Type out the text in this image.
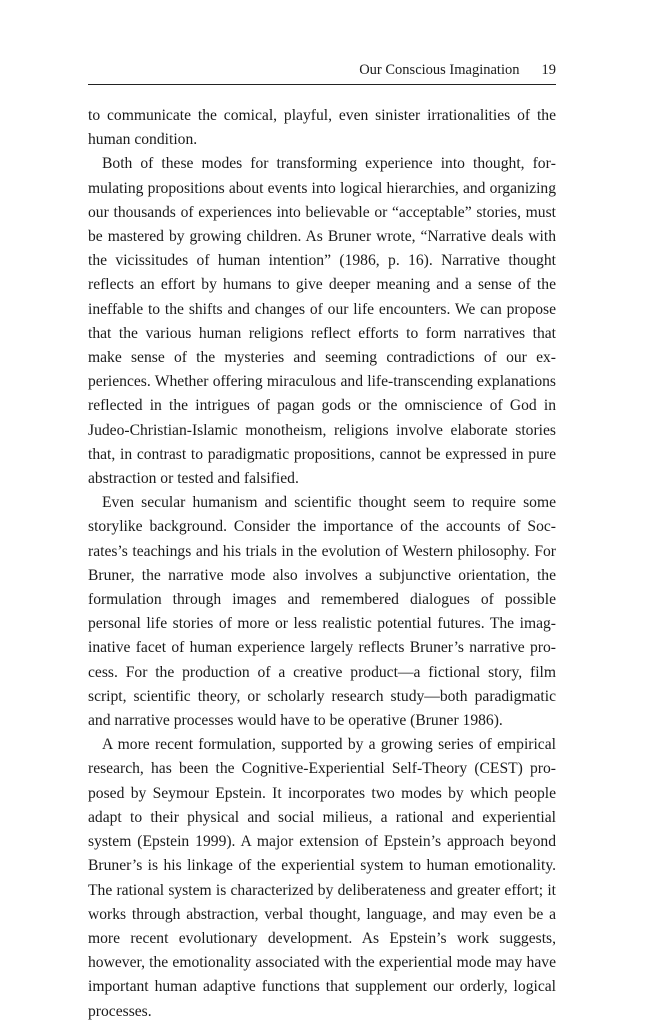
Our Conscious Imagination 19

to communicate the comical, playful, even sinister irrationalities of the human condition.

Both of these modes for transforming experience into thought, formulating propositions about events into logical hierarchies, and organizing our thousands of experiences into believable or “acceptable” stories, must be mastered by growing children. As Bruner wrote, “Narrative deals with the vicissitudes of human intention” (1986, p. 16). Narrative thought reflects an effort by humans to give deeper meaning and a sense of the ineffable to the shifts and changes of our life encounters. We can propose that the various human religions reflect efforts to form narratives that make sense of the mysteries and seeming contradictions of our experiences. Whether offering miraculous and life-transcending explanations reflected in the intrigues of pagan gods or the omniscience of God in Judeo-Christian-Islamic monotheism, religions involve elaborate stories that, in contrast to paradigmatic propositions, cannot be expressed in pure abstraction or tested and falsified.

Even secular humanism and scientific thought seem to require some storylike background. Consider the importance of the accounts of Socrates’s teachings and his trials in the evolution of Western philosophy. For Bruner, the narrative mode also involves a subjunctive orientation, the formulation through images and remembered dialogues of possible personal life stories of more or less realistic potential futures. The imaginative facet of human experience largely reflects Bruner’s narrative process. For the production of a creative product—a fictional story, film script, scientific theory, or scholarly research study—both paradigmatic and narrative processes would have to be operative (Bruner 1986).

A more recent formulation, supported by a growing series of empirical research, has been the Cognitive-Experiential Self-Theory (CEST) proposed by Seymour Epstein. It incorporates two modes by which people adapt to their physical and social milieus, a rational and experiential system (Epstein 1999). A major extension of Epstein’s approach beyond Bruner’s is his linkage of the experiential system to human emotionality. The rational system is characterized by deliberateness and greater effort; it works through abstraction, verbal thought, language, and may even be a more recent evolutionary development. As Epstein’s work suggests, however, the emotionality associated with the experiential mode may have important human adaptive functions that supplement our orderly, logical processes.
